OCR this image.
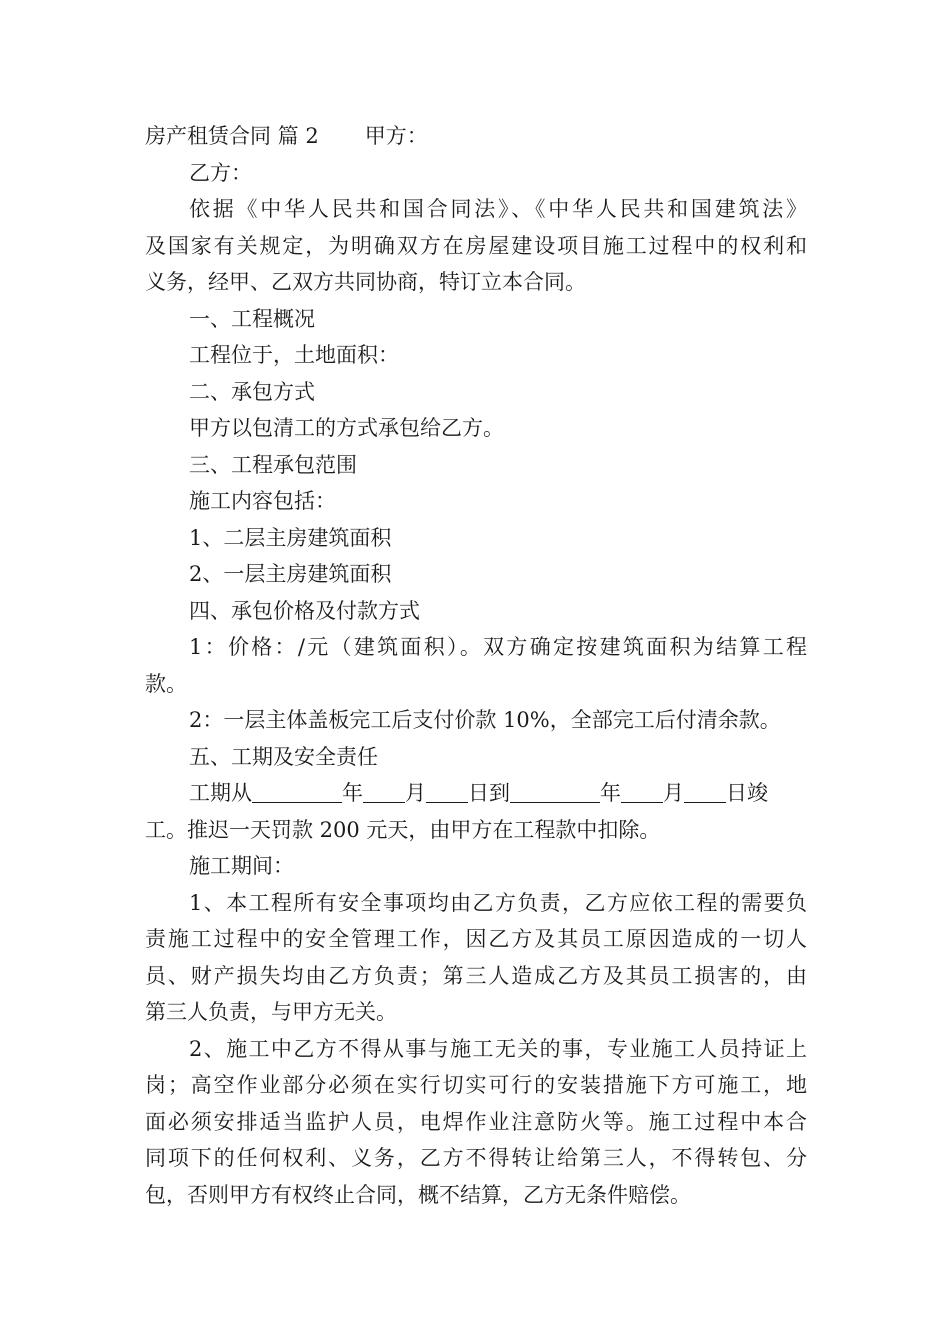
房产租赁合同 篇 2 甲方：
乙方：
依据《中华人民共和国合同法》、《中华人民共和国建筑法》
及国家有关规定，为明确双方在房屋建设项目施工过程中的权利和
义务，经甲、乙双方共同协商，特订立本合同。
一、工程概况
工程位于，土地面积：
二、承包方式
甲方以包清工的方式承包给乙方。
三、工程承包范围
施工内容包括：
1、二层主房建筑面积
2、一层主房建筑面积
四、承包价格及付款方式
1：价格：/元（建筑面积）。双方确定按建筑面积为结算工程
款。
2：一层主体盖板完工后支付价款 10%，全部完工后付清余款。
五、工期及安全责任
工期从	年 月 日到	年 月 日竣
工。推迟一天罚款 200 元天，由甲方在工程款中扣除。
施工期间：
1、本工程所有安全事项均由乙方负责，乙方应依工程的需要负
责施工过程中的安全管理工作，因乙方及其员工原因造成的一切人
员、财产损失均由乙方负责；第三人造成乙方及其员工损害的，由
第三人负责，与甲方无关。
2、施工中乙方不得从事与施工无关的事，专业施工人员持证上
岗；高空作业部分必须在实行切实可行的安装措施下方可施工，地
面必须安排适当监护人员，电焊作业注意防火等。施工过程中本合
同项下的任何权利、义务，乙方不得转让给第三人，不得转包、分
包，否则甲方有权终止合同，概不结算，乙方无条件赔偿。
